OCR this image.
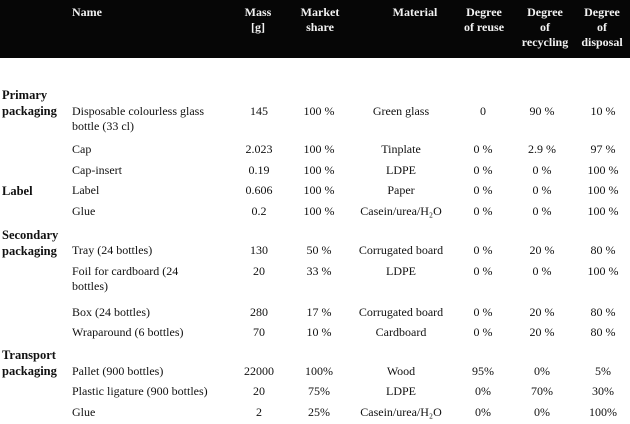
Name	Mass
[g]
Market
share
Material	Degree
of reuse
Degree
of
recycling
Degree
of
disposal
Primary
packaging
Label
Secondary
packaging
Transport
packaging
Disposable colourless glass
bottle (33 cl)
Cap
Cap-insert
Label
Glue
Tray (24 bottles)
Foil for cardboard (24
bottles)
Box (24 bottles)
Wraparound (6 bottles)
Pallet (900 bottles)
Plastic ligature (900 bottles)
Glue
145
2.023
0.19
0.606
0.2
130
20
280
70
22000
20
2
100 %
100 %
100 %
100 %
100 %
50 %
33 %
17 %
10 %
100%
75%
25%
Green glass
Tinplate
LDPE
Paper
Casein/urea/H₂O
Corrugated board
LDPE
Corrugated board
Cardboard
Wood
LDPE
Casein/urea/H₂O
0
0 %
0 %
0 %
0 %
0 %
0 %
0 %
0 %
95%
0%
0%
90 %
2.9 %
0 %
0 %
0 %
20 %
0 %
20 %
20 %
0%
70%
0%
10 %
97 %
100 %
100 %
100 %
80 %
100 %
80 %
80 %
5%
30%
100%
